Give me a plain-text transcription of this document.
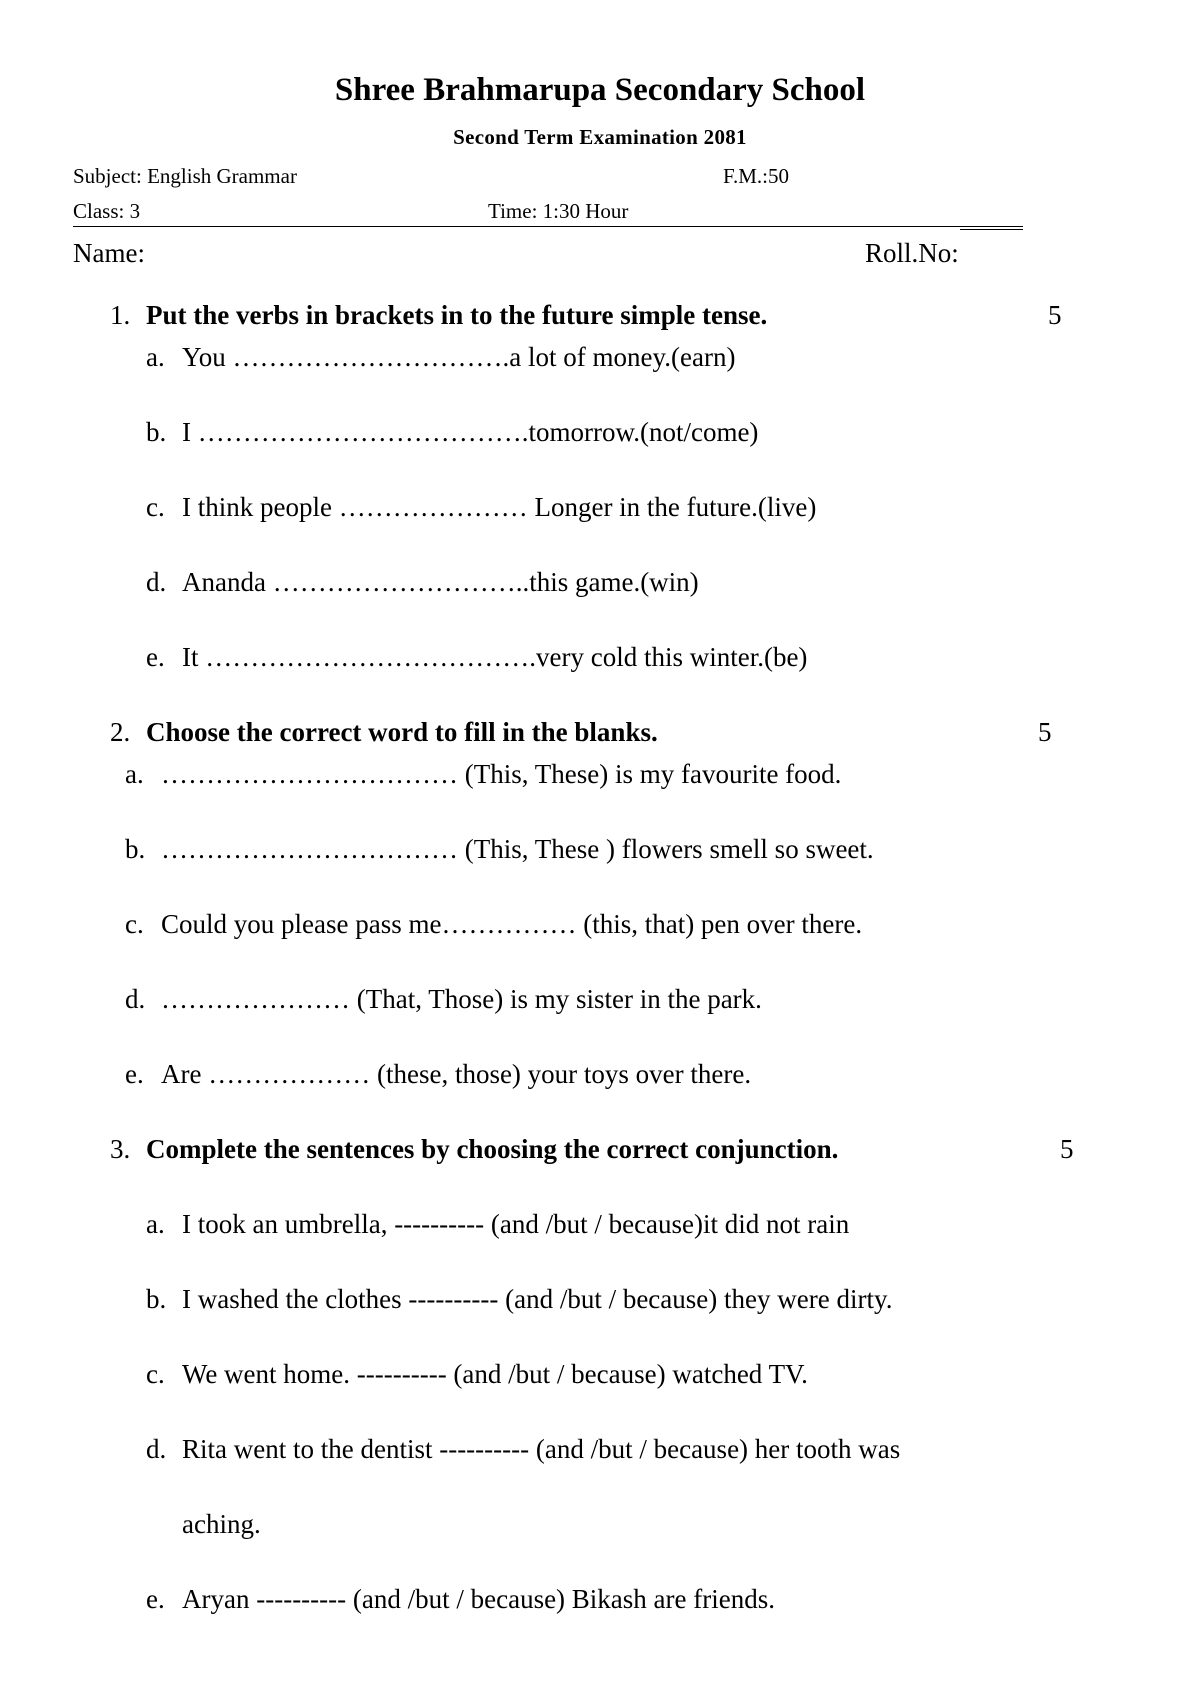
Shree Brahmarupa Secondary School
Second Term Examination 2081
Subject: English Grammar	F.M.:50
Class: 3	Time: 1:30 Hour
Name:	Roll.No:
1. Put the verbs in brackets in to the future simple tense.	5
a. You ………………………….a lot of money.(earn)
b. I ……………………………….tomorrow.(not/come)
c. I think people ………………… Longer in the future.(live)
d. Ananda ………………………..this game.(win)
e. It ……………………………….very cold this winter.(be)
2. Choose the correct word to fill in the blanks.	5
a. …………………………… (This, These) is my favourite food.
b. …………………………… (This, These ) flowers smell so sweet.
c. Could you please pass me…………… (this, that) pen over there.
d. ………………… (That, Those) is my sister in the park.
e. Are ……………… (these, those) your toys over there.
3. Complete the sentences by choosing the correct conjunction.	5
a. I took an umbrella, ---------- (and /but / because)it did not rain
b. I washed the clothes ---------- (and /but / because) they were dirty.
c. We went home. ---------- (and /but / because) watched TV.
d. Rita went to the dentist ---------- (and /but / because) her tooth was
aching.
e. Aryan ---------- (and /but / because) Bikash are friends.
